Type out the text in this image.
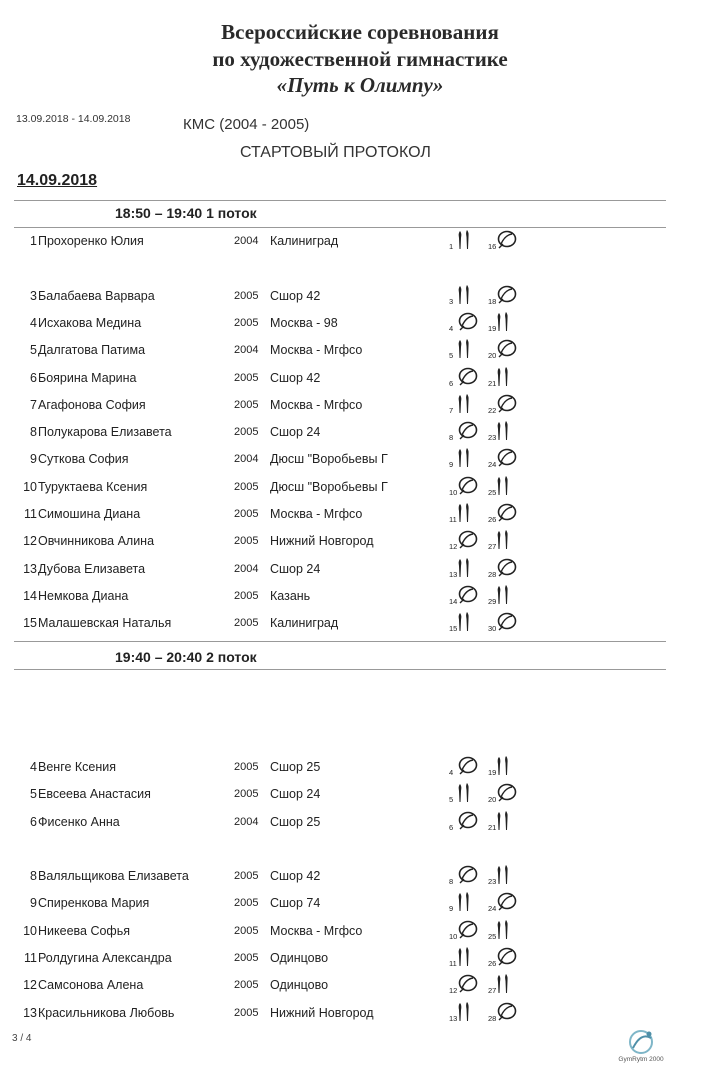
Всероссийские соревнования
по художественной гимнастике
«Путь к Олимпу»
13.09.2018 - 14.09.2018	КМС (2004 - 2005)
СТАРТОВЫЙ ПРОТОКОЛ
14.09.2018
18:50 – 19:40 1 поток
1 Прохоренко Юлия	2004 Калиниград	1	16
3 Балабаева Варвара	2005 Сшор 42	3	18
4 Исхакова Медина	2005 Москва - 98	4	19
5 Далгатова Патима	2004 Москва - Мгфсо	5	20
6 Боярина Марина	2005 Сшор 42	6	21
7 Агафонова София	2005 Москва - Мгфсо	7	22
8 Полукарова Елизавета	2005 Сшор 24	8	23
9 Суткова София	2004 Дюсш "Воробьевы Г	9	24
10 Туруктаева Ксения	2005 Дюсш "Воробьевы Г	10	25
11 Симошина Диана	2005 Москва - Мгфсо	11	26
12 Овчинникова Алина	2005 Нижний Новгород	12	27
13 Дубова Елизавета	2004 Сшор 24	13	28
14 Немкова Диана	2005 Казань	14	29
15 Малашевская Наталья	2005 Калиниград	15	30
19:40 – 20:40 2 поток
4 Венге Ксения	2005 Сшор 25	4	19
5 Евсеева Анастасия	2005 Сшор 24	5	20
6 Фисенко Анна	2004 Сшор 25	6	21
8 Валяльщикова Елизавета	2005 Сшор 42	8	23
9 Спиренкова Мария	2005 Сшор 74	9	24
10 Никеева Софья	2005 Москва - Мгфсо	10	25
11 Ролдугина Александра	2005 Одинцово	11	26
12 Самсонова Алена	2005 Одинцово	12	27
13 Красильникова Любовь	2005 Нижний Новгород	13	28
3 / 4
GymRytm 2000
